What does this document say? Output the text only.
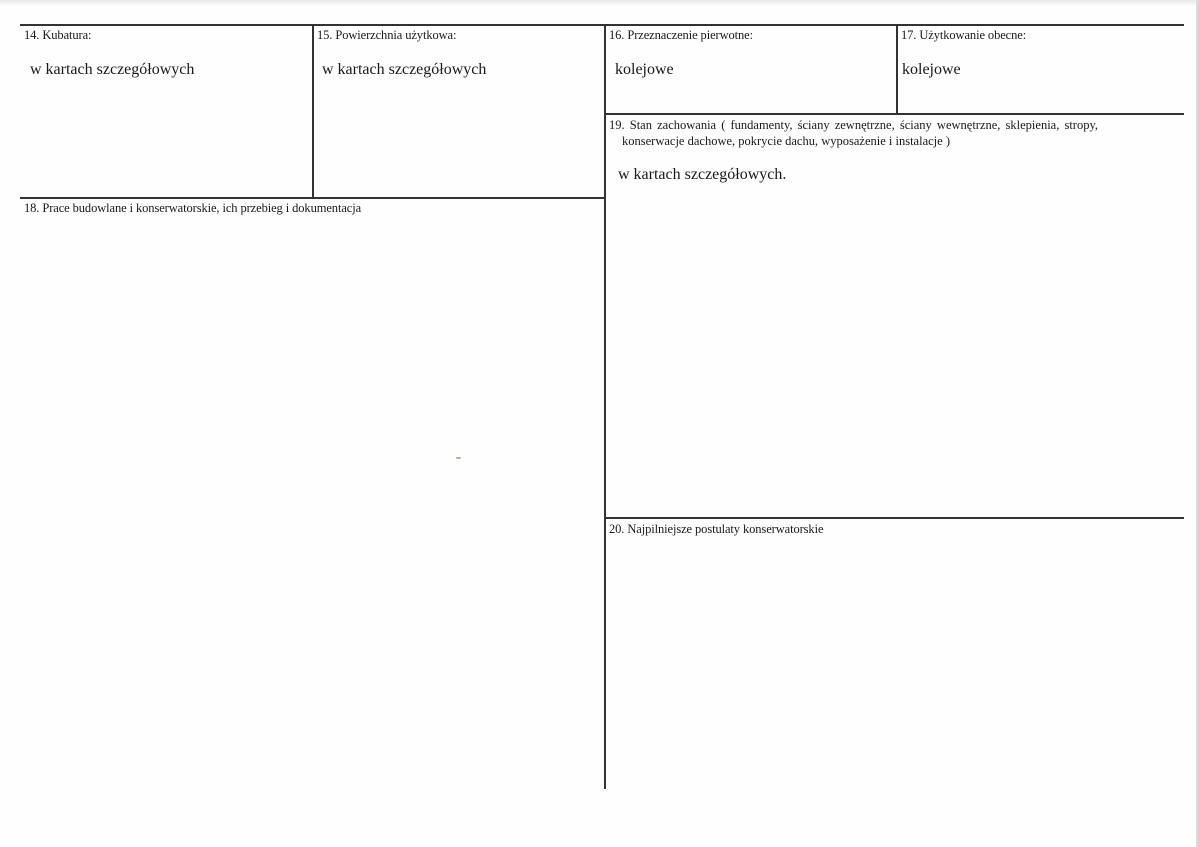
14. Kubatura:
w kartach szczegółowych
15. Powierzchnia użytkowa:
w kartach szczegółowych
16. Przeznaczenie pierwotne:
kolejowe
17. Użytkowanie obecne:
kolejowe
18. Prace budowlane i konserwatorskie, ich przebieg i dokumentacja
19. Stan zachowania ( fundamenty, ściany zewnętrzne, ściany wewnętrzne, sklepienia, stropy,
konserwacje dachowe, pokrycie dachu, wyposażenie i instalacje )
w kartach szczegółowych.
20. Najpilniejsze postulaty konserwatorskie
